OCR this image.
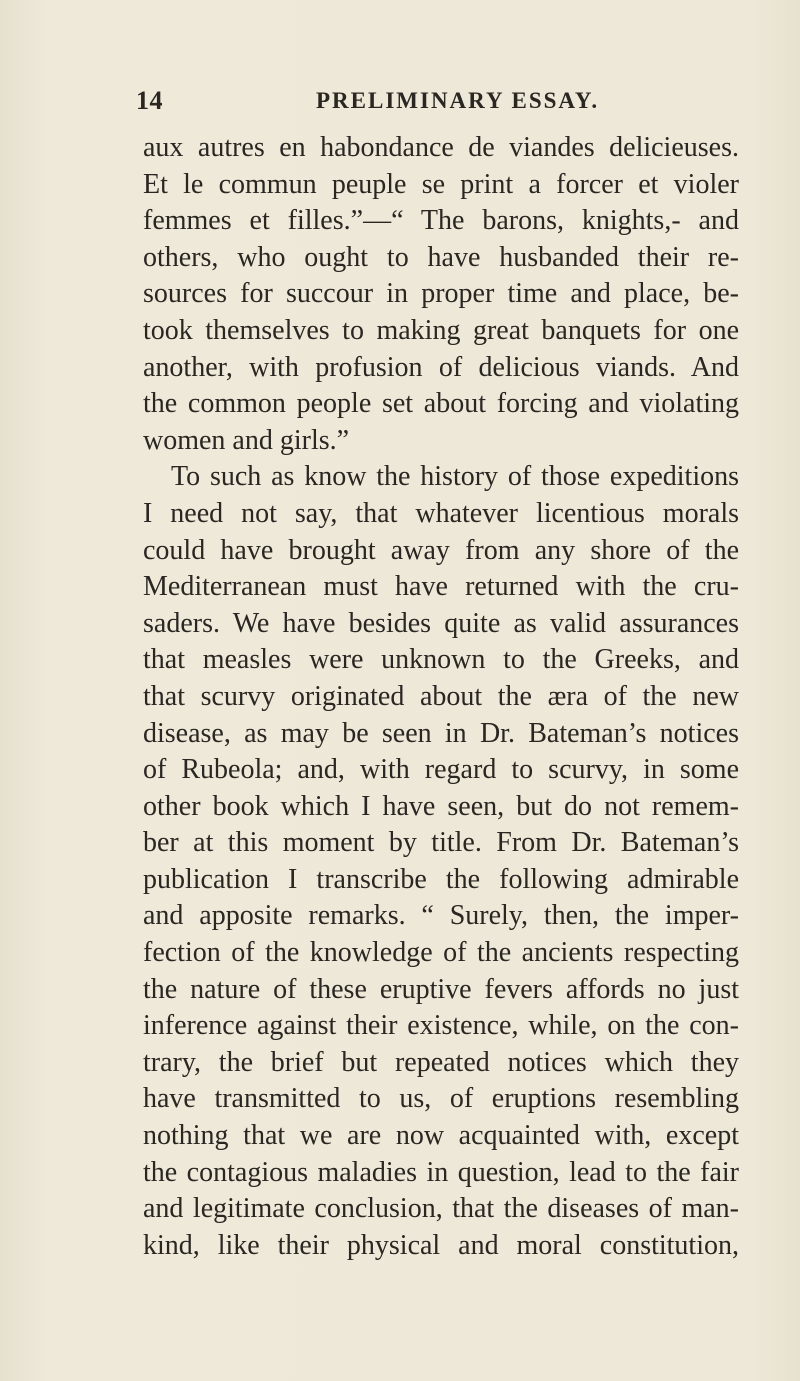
14	PRELIMINARY ESSAY.
aux autres en habondance de viandes delicieuses.
Et le commun peuple se print a forcer et violer
femmes et filles.”—“ The barons, knights,- and
others, who ought to have husbanded their re-
sources for succour in proper time and place, be-
took themselves to making great banquets for one
another, with profusion of delicious viands. And
the common people set about forcing and violating
women and girls.”
To such as know the history of those expeditions
I need not say, that whatever licentious morals
could have brought away from any shore of the
Mediterranean must have returned with the cru-
saders. We have besides quite as valid assurances
that measles were unknown to the Greeks, and
that scurvy originated about the æra of the new
disease, as may be seen in Dr. Bateman’s notices
of Rubeola; and, with regard to scurvy, in some
other book which I have seen, but do not remem-
ber at this moment by title. From Dr. Bateman’s
publication I transcribe the following admirable
and apposite remarks. “ Surely, then, the imper-
fection of the knowledge of the ancients respecting
the nature of these eruptive fevers affords no just
inference against their existence, while, on the con-
trary, the brief but repeated notices which they
have transmitted to us, of eruptions resembling
nothing that we are now acquainted with, except
the contagious maladies in question, lead to the fair
and legitimate conclusion, that the diseases of man-
kind, like their physical and moral constitution,
